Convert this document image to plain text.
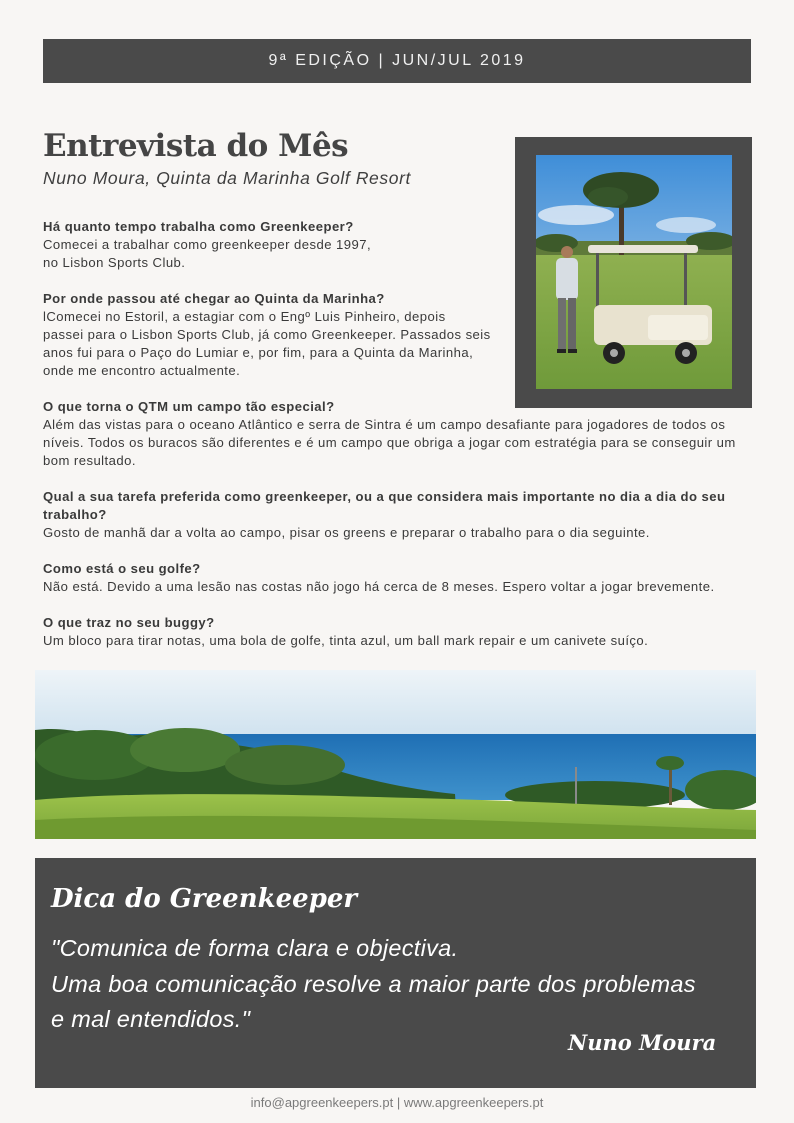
9ª EDIÇÃO | JUN/JUL 2019
Entrevista do Mês
Nuno Moura, Quinta da Marinha Golf Resort
Há quanto tempo trabalha como Greenkeeper?
Comecei a trabalhar como greenkeeper desde 1997,
no Lisbon Sports Club.
Por onde passou até chegar ao Quinta da Marinha?
lComecei no Estoril, a estagiar com o Engº Luis Pinheiro, depois
passei para o Lisbon Sports Club, já como Greenkeeper. Passados seis
anos fui para o Paço do Lumiar e, por fim, para a Quinta da Marinha,
onde me encontro actualmente.
O que torna o QTM um campo tão especial?
Além das vistas para o oceano Atlântico e serra de Sintra é um campo desafiante para jogadores de todos os
níveis. Todos os buracos são diferentes e é um campo que obriga a jogar com estratégia para se conseguir um
bom resultado.
Qual a sua tarefa preferida como greenkeeper, ou a que considera mais importante no dia a dia do seu
trabalho?
Gosto de manhã dar a volta ao campo, pisar os greens e preparar o trabalho para o dia seguinte.
Como está o seu golfe?
Não está. Devido a uma lesão nas costas não jogo há cerca de 8 meses. Espero voltar a jogar brevemente.
O que traz no seu buggy?
Um bloco para tirar notas, uma bola de golfe, tinta azul, um ball mark repair e um canivete suíço.
Dica do Greenkeeper
"Comunica de forma clara e objectiva.
Uma boa comunicação resolve a maior parte dos problemas
e mal entendidos."
Nuno Moura
info@apgreenkeepers.pt | www.apgreenkeepers.pt
